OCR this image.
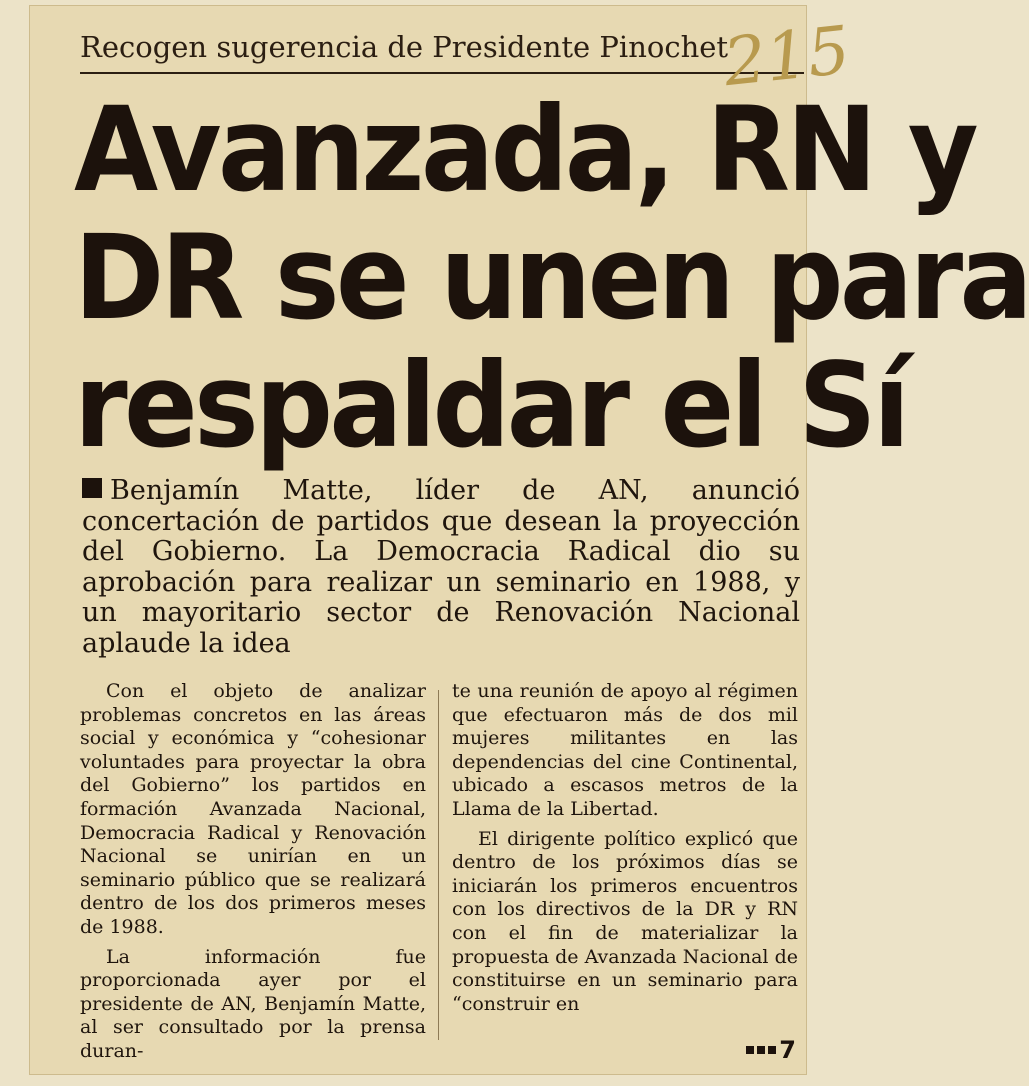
Recogen sugerencia de Presidente Pinochet
215
Avanzada, RN y
DR se unen para
respaldar el Sí
Benjamín Matte, líder de AN, anunció concertación de partidos que desean la proyección del Gobierno. La Democracia Radical dio su aprobación para realizar un seminario en 1988, y un mayoritario sector de Renovación Nacional aplaude la idea

Con el objeto de analizar problemas concretos en las áreas social y económica y “cohesionar voluntades para proyectar la obra del Gobierno” los partidos en formación Avanzada Nacional, Democracia Radical y Renovación Nacional se unirían en un seminario público que se realizará dentro de los dos primeros meses de 1988.

La información fue proporcionada ayer por el presidente de AN, Benjamín Matte, al ser consultado por la prensa duran-

te una reunión de apoyo al régimen que efectuaron más de dos mil mujeres militantes en las dependencias del cine Continental, ubicado a escasos metros de la Llama de la Libertad.

El dirigente político explicó que dentro de los próximos días se iniciarán los primeros encuentros con los directivos de la DR y RN con el fin de materializar la propuesta de Avanzada Nacional de constituirse en un seminario para “construir en

7
